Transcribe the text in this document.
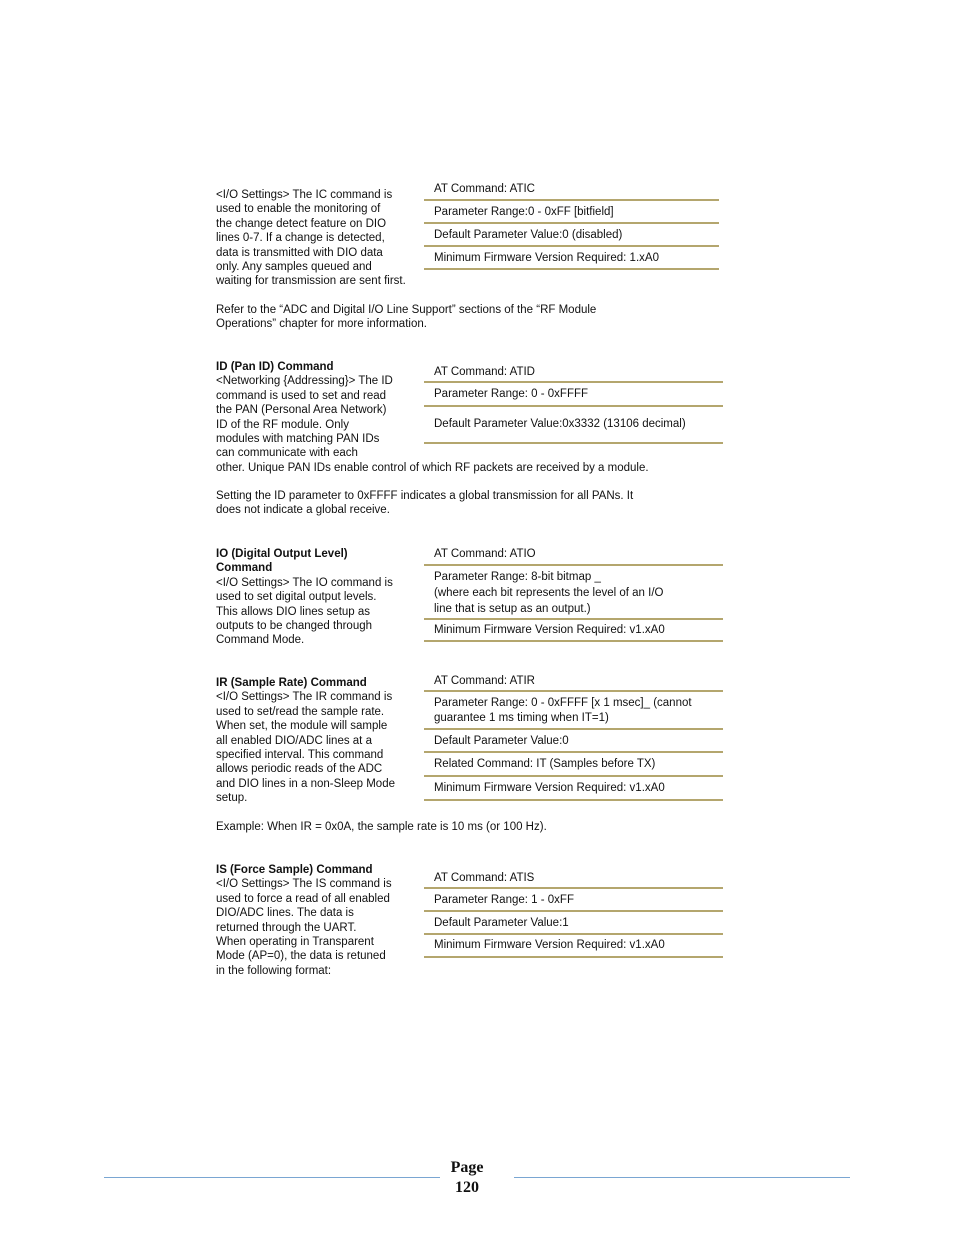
<I/O Settings> The IC command is
used to enable the monitoring of
the change detect feature on DIO
lines 0-7. If a change is detected,
data is transmitted with DIO data
only. Any samples queued and
waiting for transmission are sent first.
AT Command: ATIC
Parameter Range:0 - 0xFF [bitfield]
Default Parameter Value:0 (disabled)
Minimum Firmware Version Required: 1.xA0
Refer to the “ADC and Digital I/O Line Support” sections of the “RF Module
Operations” chapter for more information.
ID (Pan ID) Command
<Networking {Addressing}> The ID
command is used to set and read
the PAN (Personal Area Network)
ID of the RF module. Only
modules with matching PAN IDs
can communicate with each
other. Unique PAN IDs enable control of which RF packets are received by a module.
AT Command: ATID
Parameter Range: 0 - 0xFFFF
Default Parameter Value:0x3332 (13106 decimal)
Setting the ID parameter to 0xFFFF indicates a global transmission for all PANs. It
does not indicate a global receive.
IO (Digital Output Level)
Command
<I/O Settings> The IO command is
used to set digital output levels.
This allows DIO lines setup as
outputs to be changed through
Command Mode.
AT Command: ATIO
Parameter Range: 8-bit bitmap _
(where each bit represents the level of an I/O
line that is setup as an output.)
Minimum Firmware Version Required: v1.xA0
IR (Sample Rate) Command
<I/O Settings> The IR command is
used to set/read the sample rate.
When set, the module will sample
all enabled DIO/ADC lines at a
specified interval. This command
allows periodic reads of the ADC
and DIO lines in a non-Sleep Mode
setup.
AT Command: ATIR
Parameter Range: 0 - 0xFFFF [x 1 msec]_ (cannot
guarantee 1 ms timing when IT=1)
Default Parameter Value:0
Related Command: IT (Samples before TX)
Minimum Firmware Version Required: v1.xA0
Example: When IR = 0x0A, the sample rate is 10 ms (or 100 Hz).
IS (Force Sample) Command
<I/O Settings> The IS command is
used to force a read of all enabled
DIO/ADC lines. The data is
returned through the UART.
When operating in Transparent
Mode (AP=0), the data is retuned
in the following format:
AT Command: ATIS
Parameter Range: 1 - 0xFF
Default Parameter Value:1
Minimum Firmware Version Required: v1.xA0
Page
120
